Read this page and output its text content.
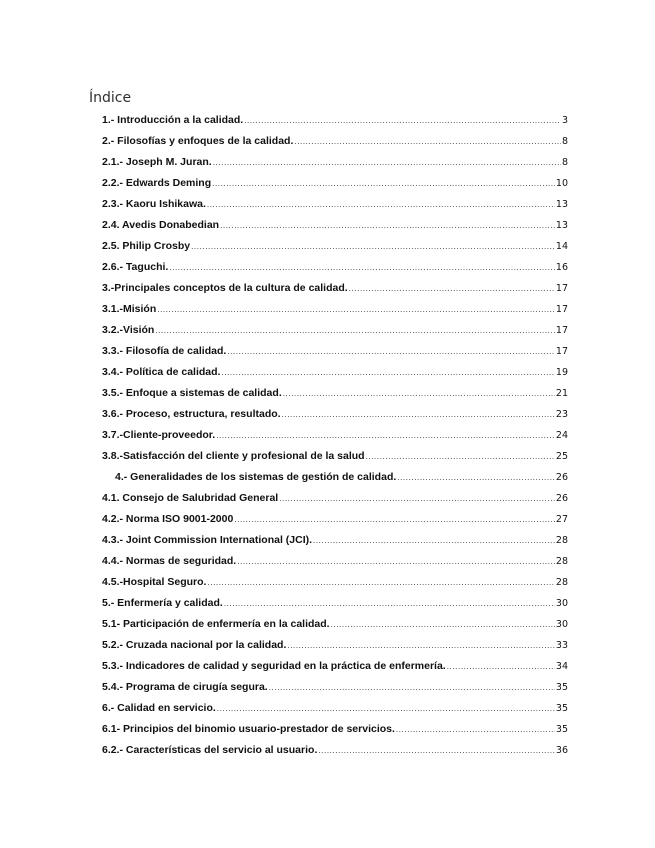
Índice
1.- Introducción a la calidad. .....	3
2.- Filosofías y enfoques de la calidad. .....	8
2.1.- Joseph M. Juran. .....	8
2.2.- Edwards Deming .....	10
2.3.- Kaoru Ishikawa. .....	13
2.4. Avedis Donabedian .....	13
2.5. Philip Crosby .....	14
2.6.- Taguchi. .....	16
3.-Principales conceptos de la cultura de calidad. .....	17
3.1.-Misión .....	17
3.2.-Visión .....	17
3.3.- Filosofía de calidad. .....	17
3.4.- Política de calidad. .....	19
3.5.- Enfoque a sistemas de calidad. .....	21
3.6.- Proceso, estructura, resultado. .....	23
3.7.-Cliente-proveedor. .....	24
3.8.-Satisfacción del cliente y profesional de la salud .....	25
4.- Generalidades de los sistemas de gestión de calidad. .....	26
4.1. Consejo de Salubridad General .....	26
4.2.- Norma ISO 9001-2000 .....	27
4.3.- Joint Commission International (JCI). .....	28
4.4.- Normas de seguridad. .....	28
4.5.-Hospital Seguro. .....	28
5.- Enfermería y calidad. .....	30
5.1- Participación de enfermería en la calidad. .....	30
5.2.- Cruzada nacional por la calidad. .....	33
5.3.- Indicadores de calidad y seguridad en la práctica de enfermería. .....	34
5.4.- Programa de cirugía segura. .....	35
6.- Calidad en servicio. .....	35
6.1- Principios del binomio usuario-prestador de servicios. .....	35
6.2.- Características del servicio al usuario. .....	36
